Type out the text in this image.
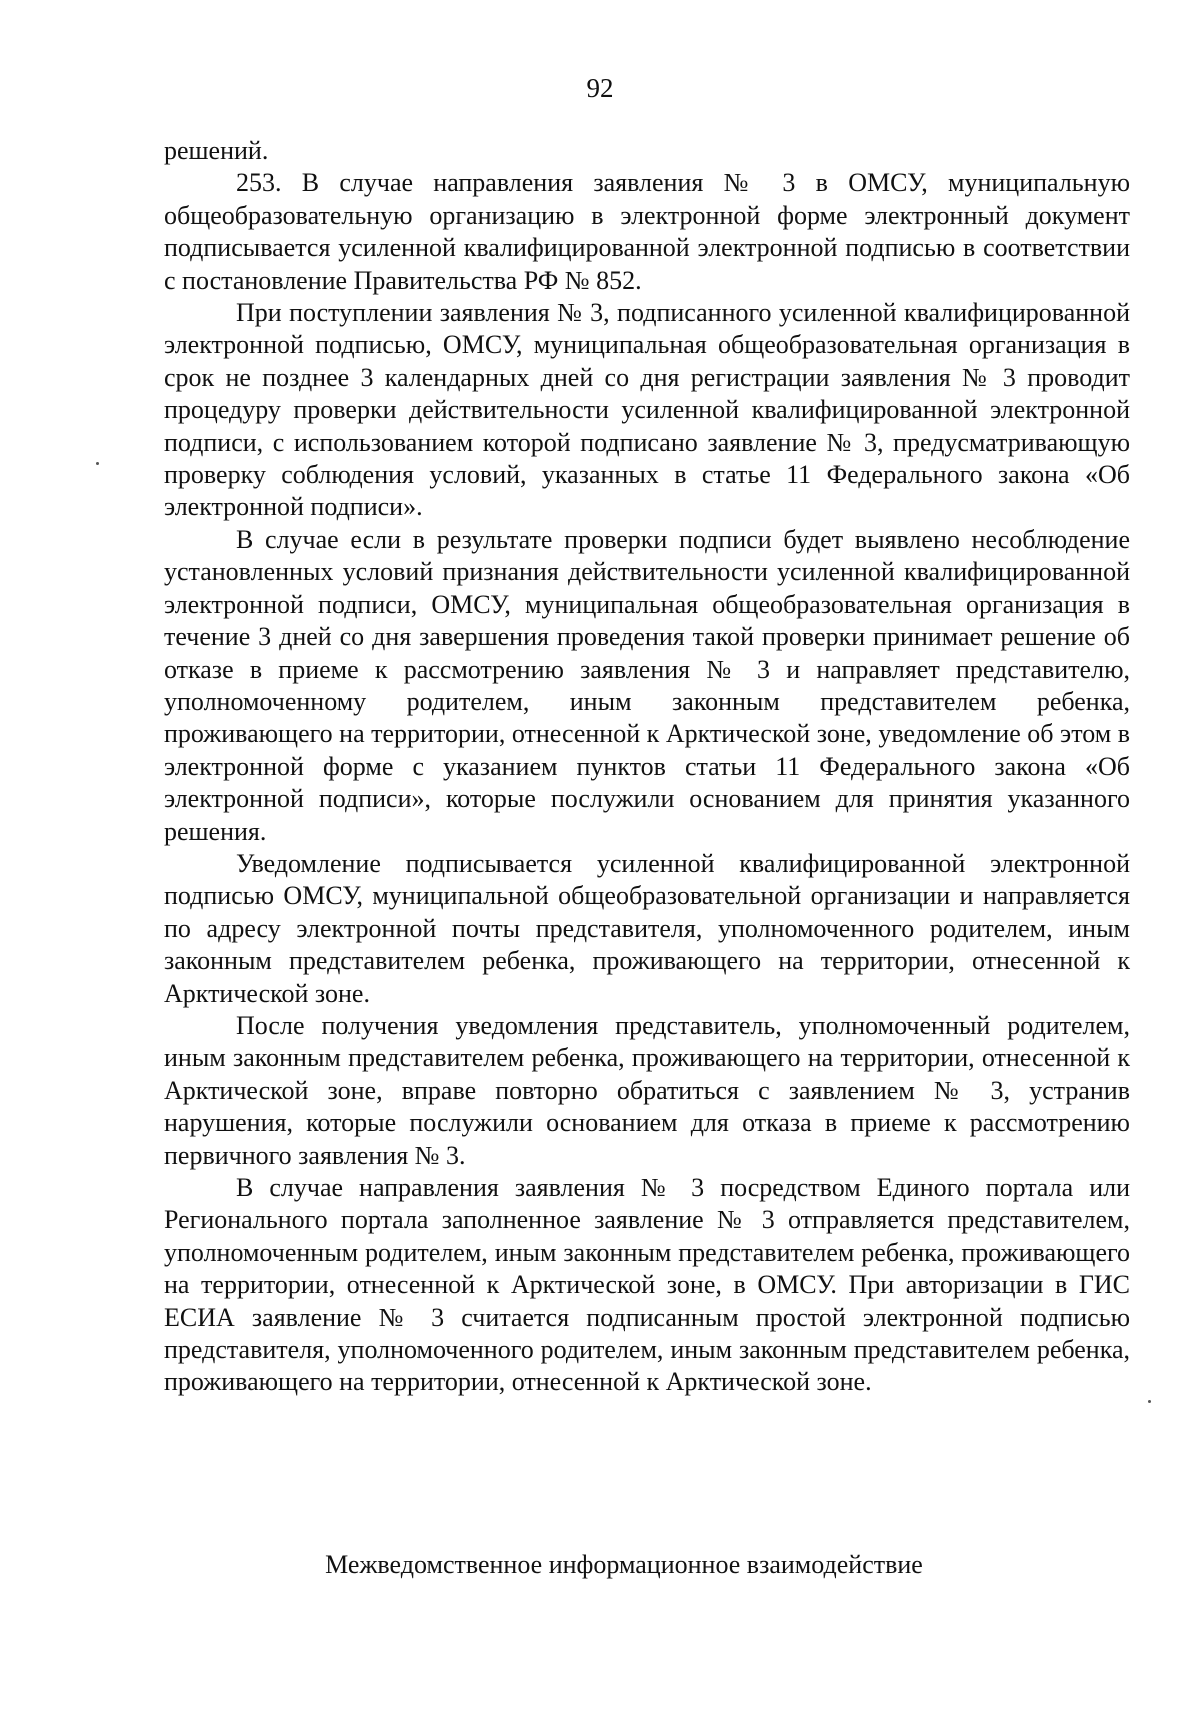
92

решений.

253. В случае направления заявления № 3 в ОМСУ, муниципальную общеобразовательную организацию в электронной форме электронный документ подписывается усиленной квалифицированной электронной подписью в соответствии с постановление Правительства РФ № 852.

При поступлении заявления № 3, подписанного усиленной квалифицированной электронной подписью, ОМСУ, муниципальная общеобразовательная организация в срок не позднее 3 календарных дней со дня регистрации заявления № 3 проводит процедуру проверки действительности усиленной квалифицированной электронной подписи, с использованием которой подписано заявление № 3, предусматривающую проверку соблюдения условий, указанных в статье 11 Федерального закона «Об электронной подписи».

В случае если в результате проверки подписи будет выявлено несоблюдение установленных условий признания действительности усиленной квалифицированной электронной подписи, ОМСУ, муниципальная общеобразовательная организация в течение 3 дней со дня завершения проведения такой проверки принимает решение об отказе в приеме к рассмотрению заявления № 3 и направляет представителю, уполномоченному родителем, иным законным представителем ребенка, проживающего на территории, отнесенной к Арктической зоне, уведомление об этом в электронной форме с указанием пунктов статьи 11 Федерального закона «Об электронной подписи», которые послужили основанием для принятия указанного решения.

Уведомление подписывается усиленной квалифицированной электронной подписью ОМСУ, муниципальной общеобразовательной организации и направляется по адресу электронной почты представителя, уполномоченного родителем, иным законным представителем ребенка, проживающего на территории, отнесенной к Арктической зоне.

После получения уведомления представитель, уполномоченный родителем, иным законным представителем ребенка, проживающего на территории, отнесенной к Арктической зоне, вправе повторно обратиться с заявлением № 3, устранив нарушения, которые послужили основанием для отказа в приеме к рассмотрению первичного заявления № 3.

В случае направления заявления № 3 посредством Единого портала или Регионального портала заполненное заявление № 3 отправляется представителем, уполномоченным родителем, иным законным представителем ребенка, проживающего на территории, отнесенной к Арктической зоне, в ОМСУ. При авторизации в ГИС ЕСИА заявление № 3 считается подписанным простой электронной подписью представителя, уполномоченного родителем, иным законным представителем ребенка, проживающего на территории, отнесенной к Арктической зоне.

Межведомственное информационное взаимодействие
